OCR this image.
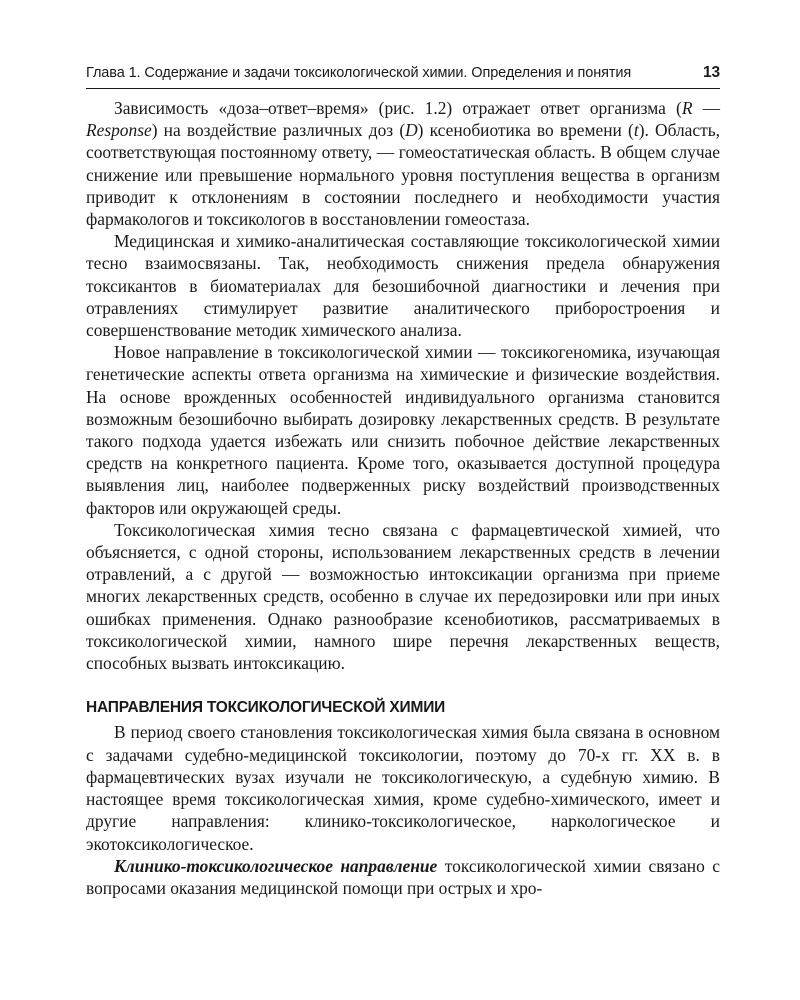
Глава 1. Содержание и задачи токсикологической химии. Определения и понятия	13

Зависимость «доза–ответ–время» (рис. 1.2) отражает ответ организма (R — Response) на воздействие различных доз (D) ксенобиотика во времени (t). Область, соответствующая постоянному ответу, — гомеостатическая область. В общем случае снижение или превышение нормального уровня поступления вещества в организм приводит к отклонениям в состоянии последнего и необходимости участия фармакологов и токсикологов в восстановлении гомеостаза.

Медицинская и химико-аналитическая составляющие токсикологической химии тесно взаимосвязаны. Так, необходимость снижения предела обнаружения токсикантов в биоматериалах для безошибочной диагностики и лечения при отравлениях стимулирует развитие аналитического приборостроения и совершенствование методик химического анализа.

Новое направление в токсикологической химии — токсикогеномика, изучающая генетические аспекты ответа организма на химические и физические воздействия. На основе врожденных особенностей индивидуального организма становится возможным безошибочно выбирать дозировку лекарственных средств. В результате такого подхода удается избежать или снизить побочное действие лекарственных средств на конкретного пациента. Кроме того, оказывается доступной процедура выявления лиц, наиболее подверженных риску воздействий производственных факторов или окружающей среды.

Токсикологическая химия тесно связана с фармацевтической химией, что объясняется, с одной стороны, использованием лекарственных средств в лечении отравлений, а с другой — возможностью интоксикации организма при приеме многих лекарственных средств, особенно в случае их передозировки или при иных ошибках применения. Однако разнообразие ксенобиотиков, рассматриваемых в токсикологической химии, намного шире перечня лекарственных веществ, способных вызвать интоксикацию.

НАПРАВЛЕНИЯ ТОКСИКОЛОГИЧЕСКОЙ ХИМИИ

В период своего становления токсикологическая химия была связана в основном с задачами судебно-медицинской токсикологии, поэтому до 70-х гг. XX в. в фармацевтических вузах изучали не токсикологическую, а судебную химию. В настоящее время токсикологическая химия, кроме судебно-химического, имеет и другие направления: клинико-токсикологическое, наркологическое и экотоксикологическое.

Клинико-токсикологическое направление токсикологической химии связано с вопросами оказания медицинской помощи при острых и хро-
